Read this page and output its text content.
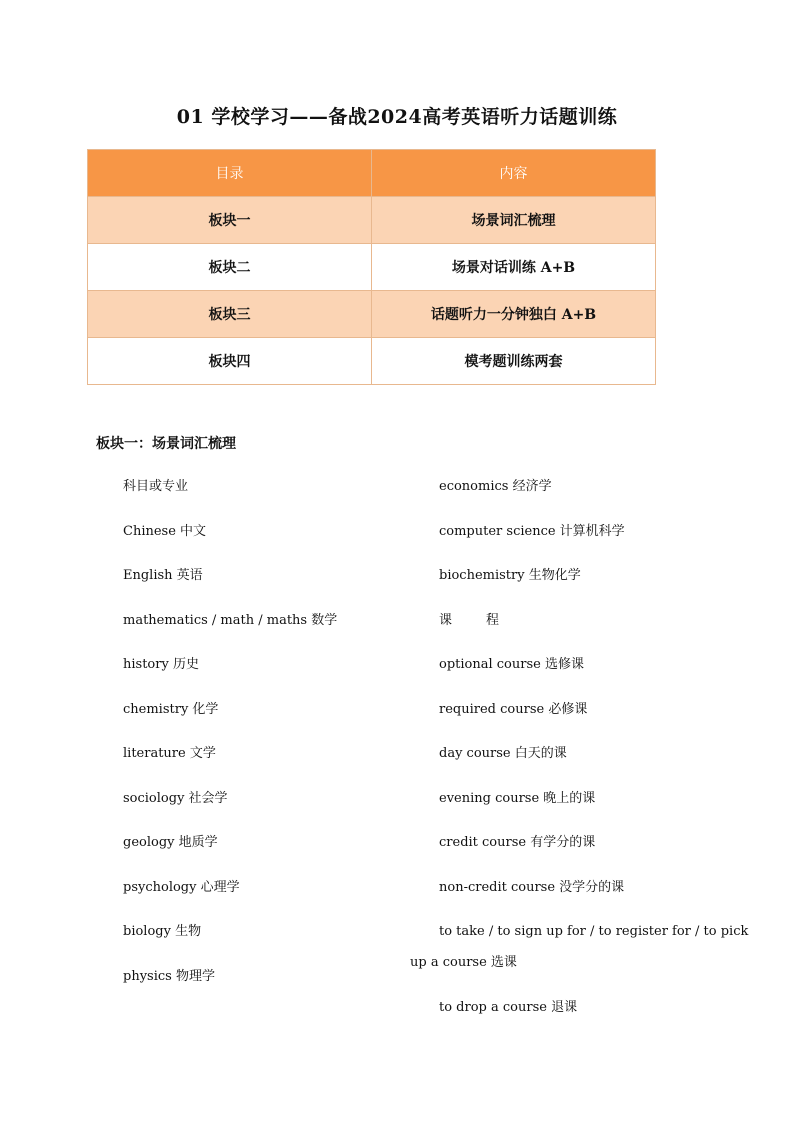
01 学校学习——备战2024高考英语听力话题训练
目录	内容
板块一	场景词汇梳理
板块二	场景对话训练 A+B
板块三	话题听力一分钟独白 A+B
板块四	模考题训练两套
板块一：场景词汇梳理
科目或专业
Chinese 中文
English 英语
mathematics / math / maths 数学
history 历史
chemistry 化学
literature 文学
sociology 社会学
geology 地质学
psychology 心理学
biology 生物
physics 物理学
economics 经济学
computer science 计算机科学
biochemistry 生物化学
课	程
optional course 选修课
required course 必修课
day course 白天的课
evening course 晚上的课
credit course 有学分的课
non-credit course 没学分的课
to take / to sign up for / to register for / to pick
up a course 选课
to drop a course 退课
